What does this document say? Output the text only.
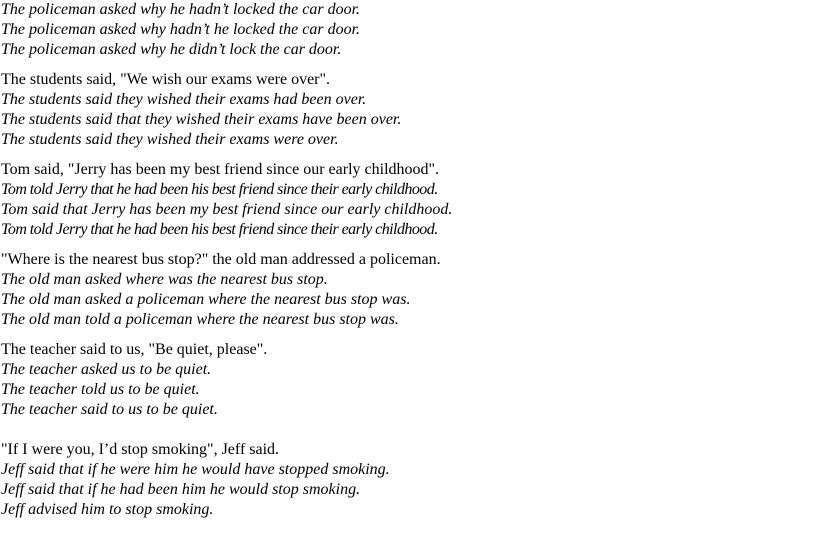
The policeman asked why he hadn’t locked the car door.
The policeman asked why hadn’t he locked the car door.
The policeman asked why he didn’t lock the car door.
The students said, "We wish our exams were over".
The students said they wished their exams had been over.
The students said that they wished their exams have been over.
The students said they wished their exams were over.
Tom said, "Jerry has been my best friend since our early childhood".
Tom told Jerry that he had been his best friend since their early childhood.
Tom said that Jerry has been my best friend since our early childhood.
Tom told Jerry that he had been his best friend since their early childhood.
"Where is the nearest bus stop?" the old man addressed a policeman.
The old man asked where was the nearest bus stop.
The old man asked a policeman where the nearest bus stop was.
The old man told a policeman where the nearest bus stop was.
The teacher said to us, "Be quiet, please".
The teacher asked us to be quiet.
The teacher told us to be quiet.
The teacher said to us to be quiet.
"If I were you, I’d stop smoking", Jeff said.
Jeff said that if he were him he would have stopped smoking.
Jeff said that if he had been him he would stop smoking.
Jeff advised him to stop smoking.
